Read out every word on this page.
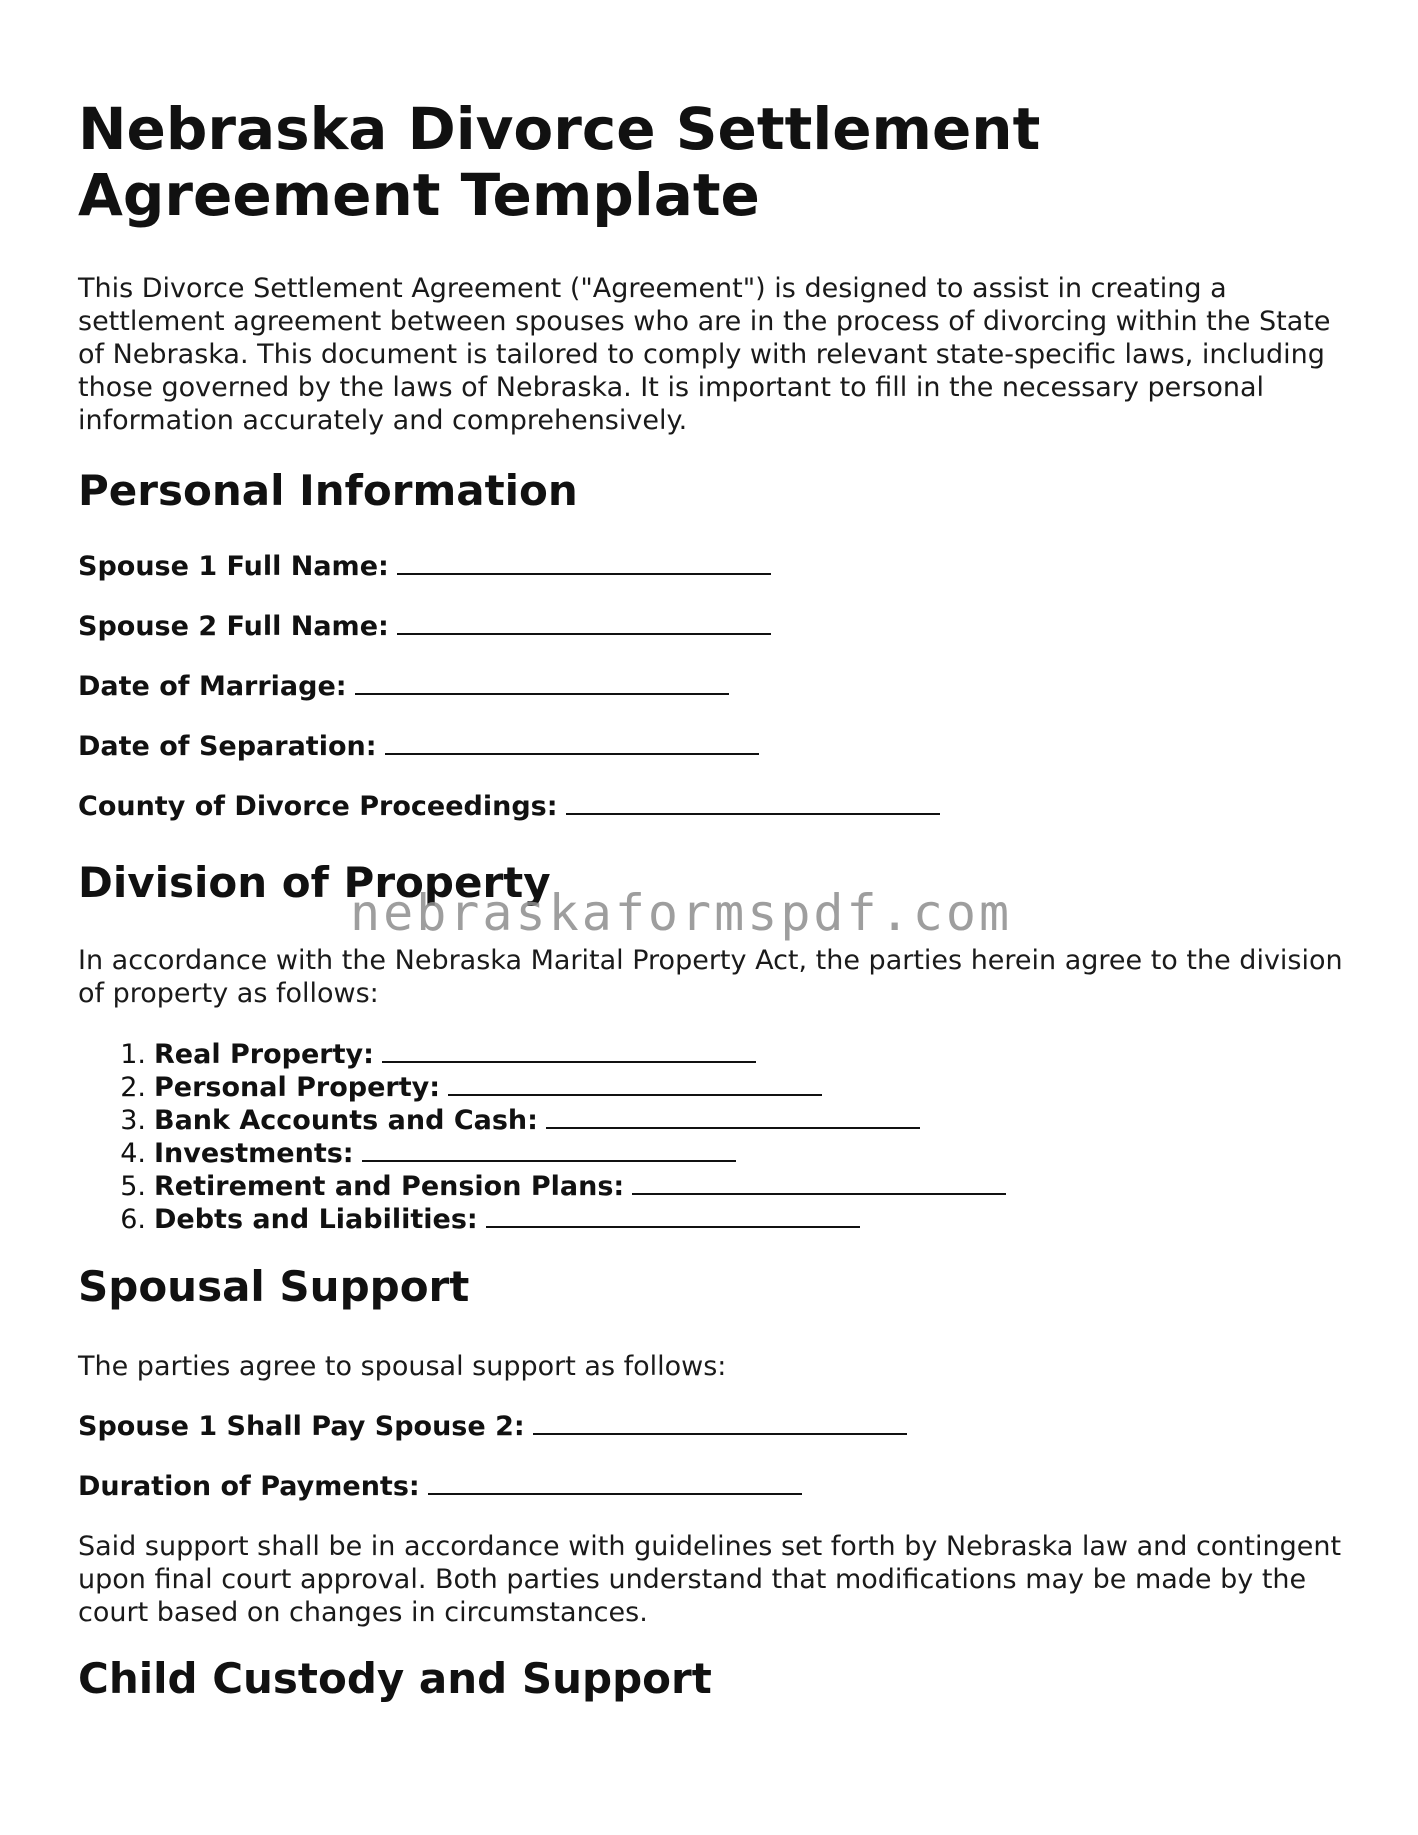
Nebraska Divorce Settlement Agreement Template

This Divorce Settlement Agreement ("Agreement") is designed to assist in creating a settlement agreement between spouses who are in the process of divorcing within the State of Nebraska. This document is tailored to comply with relevant state-specific laws, including those governed by the laws of Nebraska. It is important to fill in the necessary personal information accurately and comprehensively.

Personal Information
Spouse 1 Full Name:
Spouse 2 Full Name:
Date of Marriage:
Date of Separation:
County of Divorce Proceedings:
Division of Property
nebraskaformspdf.com

In accordance with the Nebraska Marital Property Act, the parties herein agree to the division of property as follows:

1. Real Property:
2. Personal Property:
3. Bank Accounts and Cash:
4. Investments:
5. Retirement and Pension Plans:
6. Debts and Liabilities:
Spousal Support

The parties agree to spousal support as follows:

Spouse 1 Shall Pay Spouse 2:
Duration of Payments:

Said support shall be in accordance with guidelines set forth by Nebraska law and contingent upon final court approval. Both parties understand that modifications may be made by the court based on changes in circumstances.

Child Custody and Support
